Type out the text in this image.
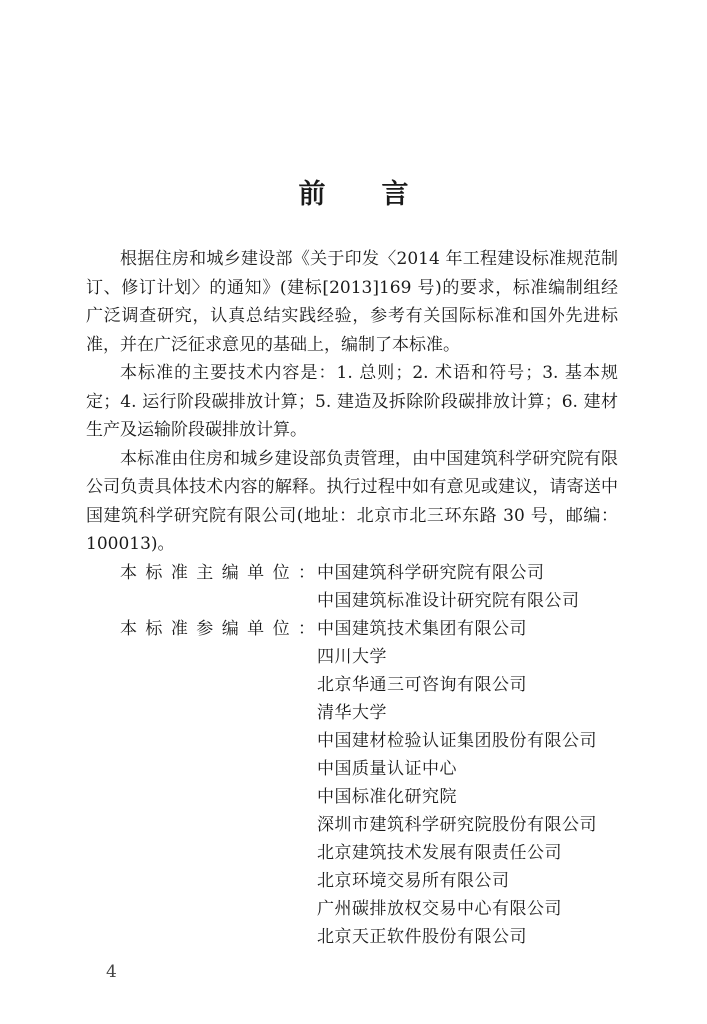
前言

根据住房和城乡建设部《关于印发〈2014 年工程建设标准规范制订、修订计划〉的通知》(建标[2013]169 号)的要求，标准编制组经广泛调查研究，认真总结实践经验，参考有关国际标准和国外先进标准，并在广泛征求意见的基础上，编制了本标准。

本标准的主要技术内容是：1. 总则；2. 术语和符号；3. 基本规定；4. 运行阶段碳排放计算；5. 建造及拆除阶段碳排放计算；6. 建材生产及运输阶段碳排放计算。

本标准由住房和城乡建设部负责管理，由中国建筑科学研究院有限公司负责具体技术内容的解释。执行过程中如有意见或建议，请寄送中国建筑科学研究院有限公司(地址：北京市北三环东路 30 号，邮编：100013)。

本标准主编单位： 中国建筑科学研究院有限公司
中国建筑标准设计研究院有限公司
本标准参编单位： 中国建筑技术集团有限公司
四川大学
北京华通三可咨询有限公司
清华大学
中国建材检验认证集团股份有限公司
中国质量认证中心
中国标准化研究院
深圳市建筑科学研究院股份有限公司
北京建筑技术发展有限责任公司
北京环境交易所有限公司
广州碳排放权交易中心有限公司
北京天正软件股份有限公司
4
